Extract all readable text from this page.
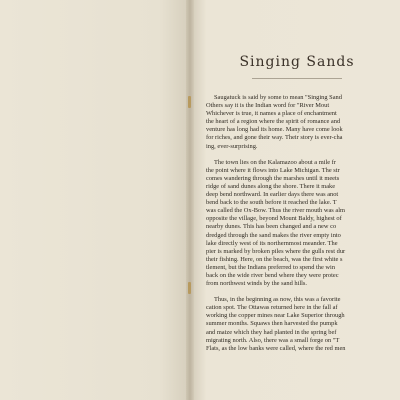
Singing Sands
Saugatuck is said by some to mean "Singing Sand
Others say it is the Indian word for "River Mout
Whichever is true, it names a place of enchantment
the heart of a region where the spirit of romance and
venture has long had its home. Many have come look
for riches, and gone their way. Their story is ever-cha
ing, ever-surprising.
The town lies on the Kalamazoo about a mile fr
the point where it flows into Lake Michigan. The str
comes wandering through the marshes until it meets
ridge of sand dunes along the shore. There it make
deep bend northward. In earlier days there was anot
bend back to the south before it reached the lake. T
was called the Ox-Bow. Thus the river mouth was alm
opposite the village, beyond Mount Baldy, highest of
nearby dunes. This has been changed and a new co
dredged through the sand makes the river empty into
lake directly west of its northernmost meander. The
pier is marked by broken piles where the gulls rest dur
their fishing. Here, on the beach, was the first white s
tlement, but the Indians preferred to spend the win
back on the wide river bend where they were protec
from northwest winds by the sand hills.
Thus, in the beginning as now, this was a favorite
cation spot. The Ottawas returned here in the fall af
working the copper mines near Lake Superior through
summer months. Squaws then harvested the pumpk
and maize which they had planted in the spring bef
migrating north. Also, there was a small forge on "T
Flats, as the low banks were called, where the red men
